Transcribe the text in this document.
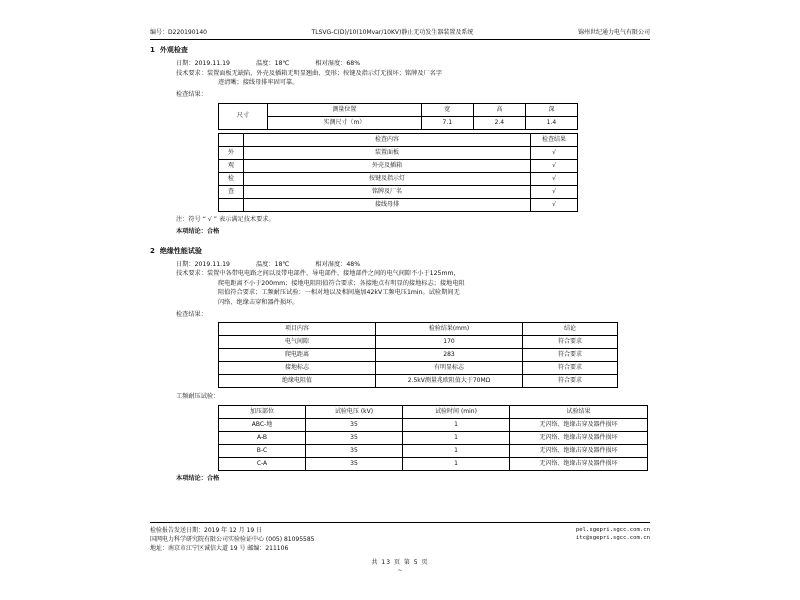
编号：D220190140	TLSVG-C(D)/10(10Mvar/10KV)静止无功发生器装置及系统	锦州世纪通力电气有限公司
1 外观检查
日期： 2019.11.19	温度： 18℃	相对湿度： 68%
技术要求： 装置面板无缺陷，外壳及插箱无明显翘曲、变形；按键及指示灯无损坏；铭牌及厂名字
迹清晰；接线母排牢固可靠。
检查结果：
尺寸	测量位置	宽	高	深
	实测尺寸（m）	7.1	2.4	1.4
	检查内容	检查结果
外	装置面板	√
观	外壳及插箱	√
检	按键及指示灯	√
查	铭牌及厂名	√
	接线母排	√
注：符号 “ √ ” 表示满足技术要求。
本项结论：合格
2 绝缘性能试验
日期： 2019.11.19	温度： 18℃	相对湿度： 48%
技术要求： 装置中各带电电路之间以及带电部件、导电部件、接地部件之间的电气间隙不小于125mm，
爬电距离不小于200mm；接地电阻阻值符合要求；各接地点有明显的接地标志；接地电阻
阻值符合要求；工频耐压试验：一相对地以及相间施加42kV工频电压1min。试验期间无
闪络、绝缘击穿和器件损坏。
检查结果：
项目内容	检验结果(mm)	结论
电气间隙	170	符合要求
爬电距离	283	符合要求
接地标志	有明显标志	符合要求
绝缘电阻值	2.5kV测量兆欧阻值大于70MΩ	符合要求
工频耐压试验：
加压部位	试验电压 (kV)	试验时间 (min)	试验结果
ABC-地	35	1	无闪络、绝缘击穿及器件损坏
A-B	35	1	无闪络、绝缘击穿及器件损坏
B-C	35	1	无闪络、绝缘击穿及器件损坏
C-A	35	1	无闪络、绝缘击穿及器件损坏
本项结论：合格
检验报告发送日期：2019 年 12 月 19 日
国网电力科学研究院有限公司实验验证中心 (005) 81095585
地址：南京市江宁区诚信大道 19 号 邮编：211106
pel.sgepri.sgcc.com.cn
itc@sgepri.sgcc.com.cn
共 13 页 第 5 页
~
